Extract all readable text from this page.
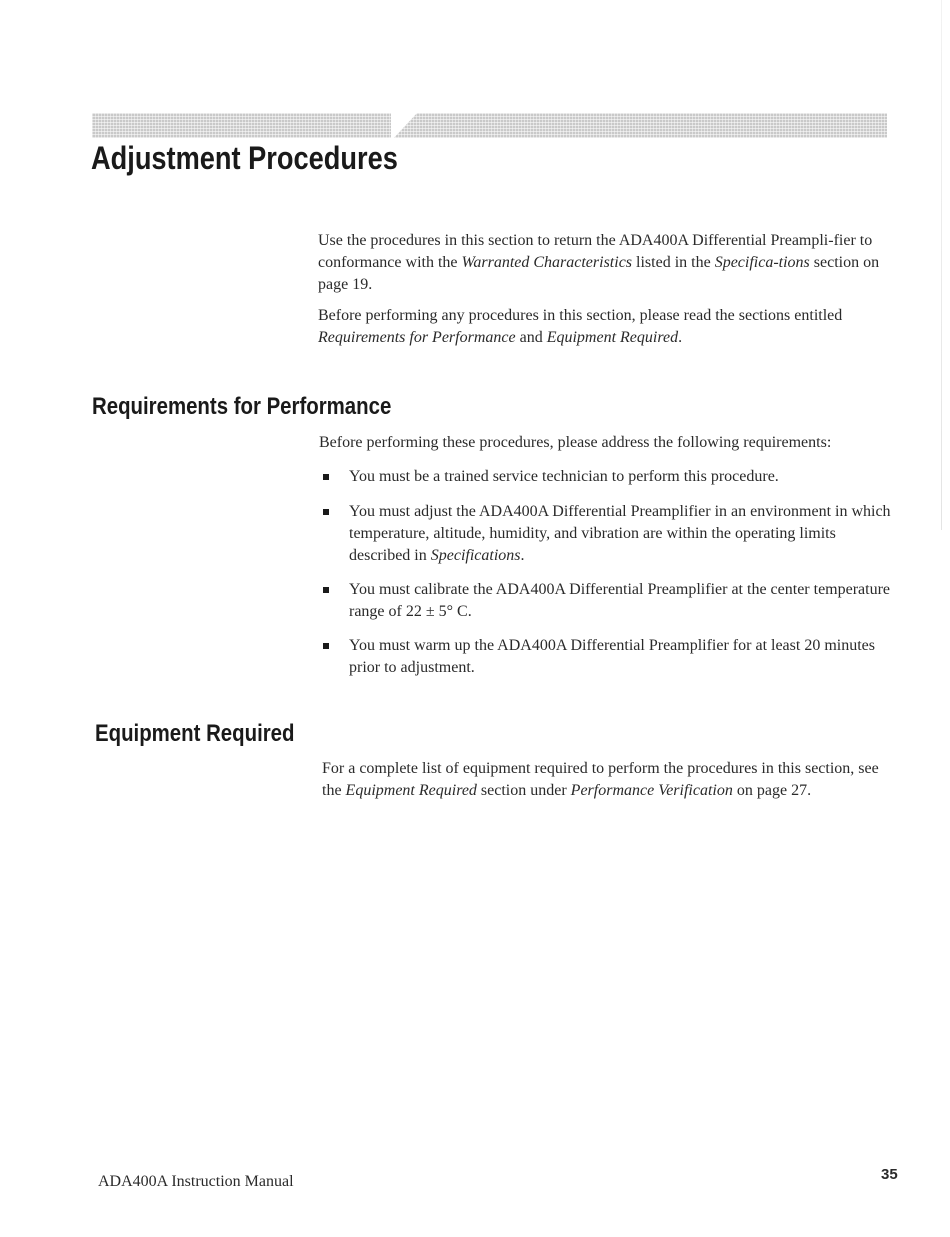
Adjustment Procedures

Use the procedures in this section to return the ADA400A Differential Preampli-fier to conformance with the Warranted Characteristics listed in the Specifica-tions section on page 19.

Before performing any procedures in this section, please read the sections entitled Requirements for Performance and Equipment Required.

Requirements for Performance

Before performing these procedures, please address the following requirements:

You must be a trained service technician to perform this procedure.
You must adjust the ADA400A Differential Preamplifier in an environment in which temperature, altitude, humidity, and vibration are within the operating limits described in Specifications.
You must calibrate the ADA400A Differential Preamplifier at the center temperature range of 22 ± 5° C.
You must warm up the ADA400A Differential Preamplifier for at least 20 minutes prior to adjustment.
Equipment Required

For a complete list of equipment required to perform the procedures in this section, see the Equipment Required section under Performance Verification on page 27.

ADA400A Instruction Manual	35
